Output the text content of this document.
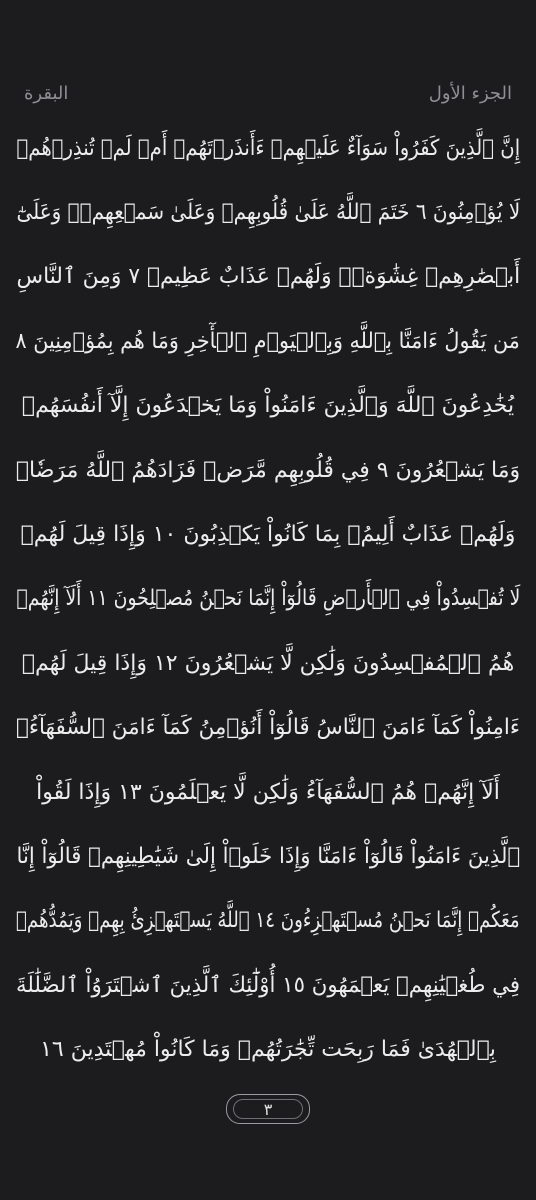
الجزء الأول
البقرة
إِنَّ ٱلَّذِينَ كَفَرُواْ سَوَآءٌ عَلَيۡهِمۡ ءَأَنذَرۡتَهُمۡ أَمۡ لَمۡ تُنذِرۡهُمۡ
لَا يُؤۡمِنُونَ ٦ خَتَمَ ٱللَّهُ عَلَىٰ قُلُوبِهِمۡ وَعَلَىٰ سَمۡعِهِمۡۖ وَعَلَىٰٓ
أَبۡصَٰرِهِمۡ غِشَٰوَةٞۖ وَلَهُمۡ عَذَابٌ عَظِيمٞ ٧ وَمِنَ ٱلنَّاسِ
مَن يَقُولُ ءَامَنَّا بِٱللَّهِ وَبِٱلۡيَوۡمِ ٱلۡأٓخِرِ وَمَا هُم بِمُؤۡمِنِينَ ٨
يُخَٰدِعُونَ ٱللَّهَ وَٱلَّذِينَ ءَامَنُواْ وَمَا يَخۡدَعُونَ إِلَّآ أَنفُسَهُمۡ
وَمَا يَشۡعُرُونَ ٩ فِي قُلُوبِهِم مَّرَضٞ فَزَادَهُمُ ٱللَّهُ مَرَضٗاۖ
وَلَهُمۡ عَذَابٌ أَلِيمُۢ بِمَا كَانُواْ يَكۡذِبُونَ ١٠ وَإِذَا قِيلَ لَهُمۡ
لَا تُفۡسِدُواْ فِي ٱلۡأَرۡضِ قَالُوٓاْ إِنَّمَا نَحۡنُ مُصۡلِحُونَ ١١ أَلَآ إِنَّهُمۡ
هُمُ ٱلۡمُفۡسِدُونَ وَلَٰكِن لَّا يَشۡعُرُونَ ١٢ وَإِذَا قِيلَ لَهُمۡ
ءَامِنُواْ كَمَآ ءَامَنَ ٱلنَّاسُ قَالُوٓاْ أَنُؤۡمِنُ كَمَآ ءَامَنَ ٱلسُّفَهَآءُۗ
أَلَآ إِنَّهُمۡ هُمُ ٱلسُّفَهَآءُ وَلَٰكِن لَّا يَعۡلَمُونَ ١٣ وَإِذَا لَقُواْ
ٱلَّذِينَ ءَامَنُواْ قَالُوٓاْ ءَامَنَّا وَإِذَا خَلَوۡاْ إِلَىٰ شَيَٰطِينِهِمۡ قَالُوٓاْ إِنَّا
مَعَكُمۡ إِنَّمَا نَحۡنُ مُسۡتَهۡزِءُونَ ١٤ ٱللَّهُ يَسۡتَهۡزِئُ بِهِمۡ وَيَمُدُّهُمۡ
فِي طُغۡيَٰنِهِمۡ يَعۡمَهُونَ ١٥ أُوْلَٰٓئِكَ ٱلَّذِينَ ٱشۡتَرَوُاْ ٱلضَّلَٰلَةَ
بِٱلۡهُدَىٰ فَمَا رَبِحَت تِّجَٰرَتُهُمۡ وَمَا كَانُواْ مُهۡتَدِينَ ١٦
٣
